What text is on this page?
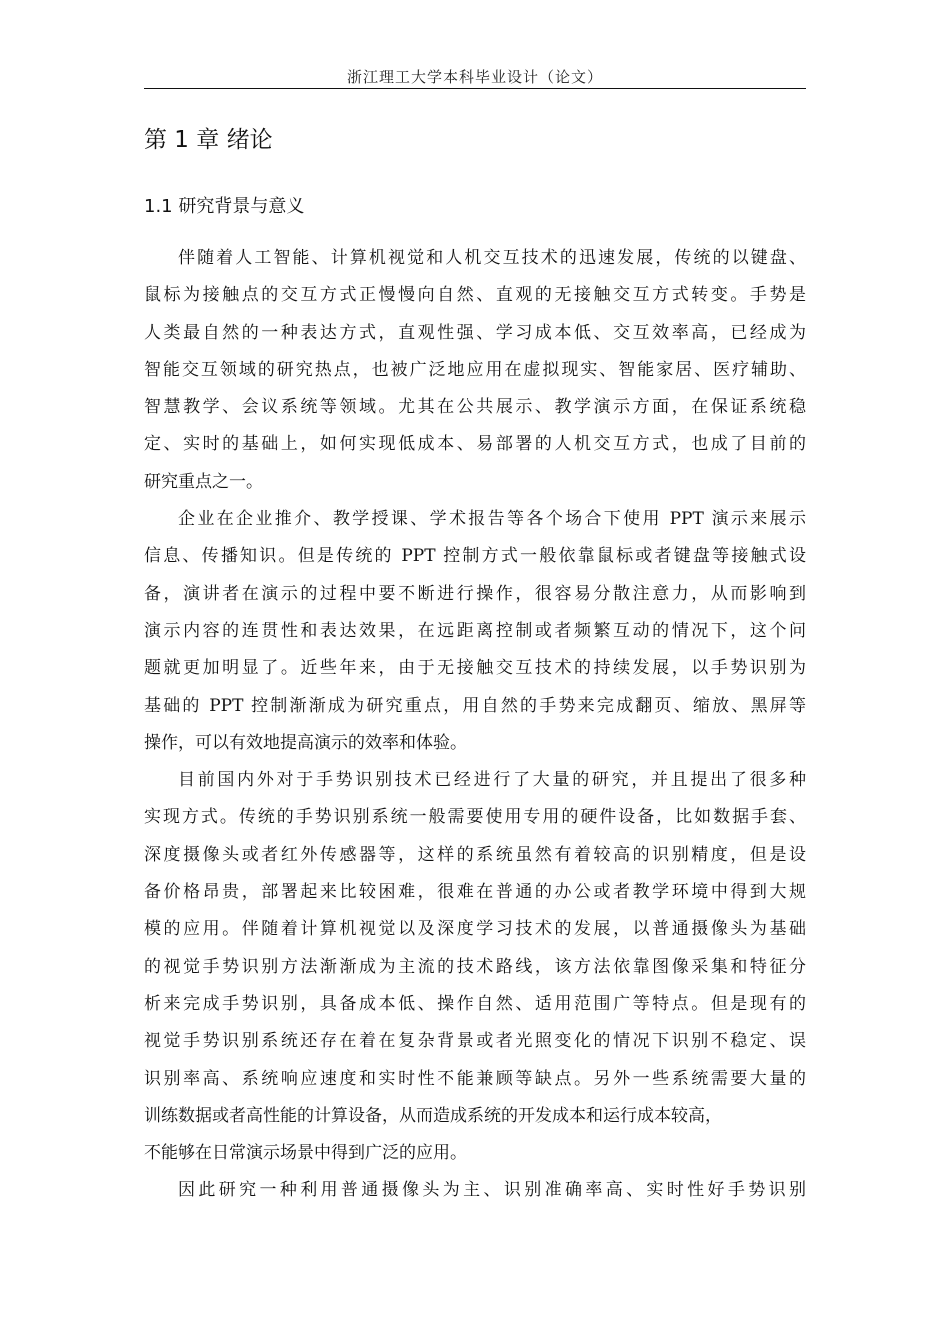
浙江理工大学本科毕业设计（论文）
第 1 章 绪论
1.1 研究背景与意义
伴随着人工智能、计算机视觉和人机交互技术的迅速发展，传统的以键盘、
鼠标为接触点的交互方式正慢慢向自然、直观的无接触交互方式转变。手势是
人类最自然的一种表达方式，直观性强、学习成本低、交互效率高，已经成为
智能交互领域的研究热点，也被广泛地应用在虚拟现实、智能家居、医疗辅助、
智慧教学、会议系统等领域。尤其在公共展示、教学演示方面，在保证系统稳
定、实时的基础上，如何实现低成本、易部署的人机交互方式，也成了目前的
研究重点之一。
企业在企业推介、教学授课、学术报告等各个场合下使用 PPT 演示来展示
信息、传播知识。但是传统的 PPT 控制方式一般依靠鼠标或者键盘等接触式设
备，演讲者在演示的过程中要不断进行操作，很容易分散注意力，从而影响到
演示内容的连贯性和表达效果，在远距离控制或者频繁互动的情况下，这个问
题就更加明显了。近些年来，由于无接触交互技术的持续发展，以手势识别为
基础的 PPT 控制渐渐成为研究重点，用自然的手势来完成翻页、缩放、黑屏等
操作，可以有效地提高演示的效率和体验。
目前国内外对于手势识别技术已经进行了大量的研究，并且提出了很多种
实现方式。传统的手势识别系统一般需要使用专用的硬件设备，比如数据手套、
深度摄像头或者红外传感器等，这样的系统虽然有着较高的识别精度，但是设
备价格昂贵，部署起来比较困难，很难在普通的办公或者教学环境中得到大规
模的应用。伴随着计算机视觉以及深度学习技术的发展，以普通摄像头为基础
的视觉手势识别方法渐渐成为主流的技术路线，该方法依靠图像采集和特征分
析来完成手势识别，具备成本低、操作自然、适用范围广等特点。但是现有的
视觉手势识别系统还存在着在复杂背景或者光照变化的情况下识别不稳定、误
识别率高、系统响应速度和实时性不能兼顾等缺点。另外一些系统需要大量的
训练数据或者高性能的计算设备，从而造成系统的开发成本和运行成本较高，
不能够在日常演示场景中得到广泛的应用。
因此研究一种利用普通摄像头为主、识别准确率高、实时性好手势识别
